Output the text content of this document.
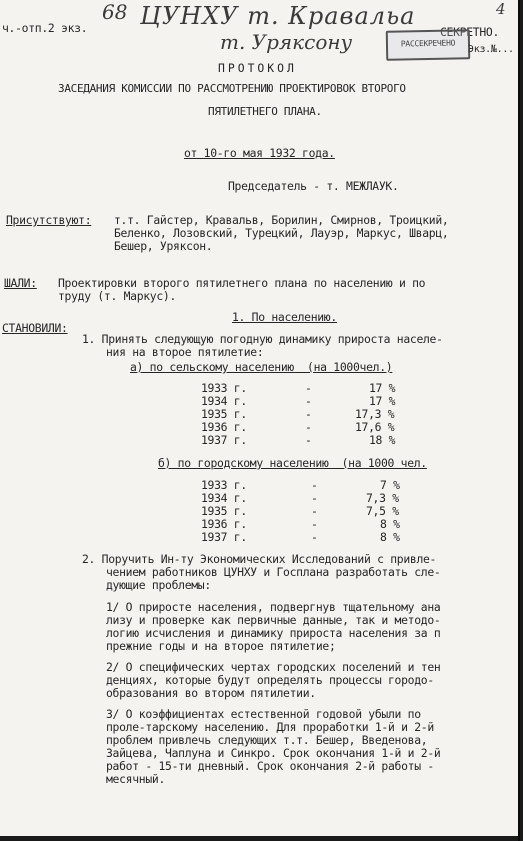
ч.-отп.2 экз.
68 ЦУНХУ т. Кравальа
т. Уряксону	СЕКРЕТНО.
4
РАССЕКРЕЧЕНО
Экз.№...
ПРОТОКОЛ
ЗАСЕДАНИЯ КОМИССИИ ПО РАССМОТРЕНИЮ ПРОЕКТИРОВОК ВТОРОГО
ПЯТИЛЕТНЕГО ПЛАНА.
от 10-го мая 1932 года.
Председатель - т. МЕЖЛАУК.
Присутствуют: т.т. Гайстер, Кравальв, Борилин, Смирнов, Троицкий,
Беленко, Лозовский, Турецкий, Лауэр, Маркус, Шварц,
Бешер, Уряксон.
ШАЛИ: Проектировки второго пятилетнего плана по населению и по
труду (т. Маркус).
СТАНОВИЛИ:
1. По населению.
1. Принять следующую погодную динамику прироста населе-
ния на второе пятилетие:
а) по сельскому населению  (на 1000чел.)
1933 г.	-	17 %
1934 г.	-	17 %
1935 г.	-	17,3 %
1936 г.	-	17,6 %
1937 г.	-	18 %
б) по городскому населению  (на 1000 чел.
1933 г.	-	7 %
1934 г.	-	7,3 %
1935 г.	-	7,5 %
1936 г.	-	8 %
1937 г.	-	8 %
2. Поручить Ин-ту Экономических Исследований с привле-
чением работников ЦУНХУ и Госплана разработать сле-
дующие проблемы:
1/ О приросте населения, подвергнув тщательному ана
лизу и проверке как первичные данные, так и методо-
логию исчисления и динамику прироста населения за п
прежние годы и на второе пятилетие;
2/ О специфических чертах городских поселений и тен
денциях, которые будут определять процессы городо-
образования во втором пятилетии.
3/ О коэффициентах естественной годовой убыли по
проле-тарскому населению. Для проработки 1-й и 2-й
проблем привлечь следующих т.т. Бешер, Введенова,
Зайцева, Чаплуна и Синкро. Срок окончания 1-й и 2-й
работ - 15-ти дневный. Срок окончания 2-й работы -
месячный.
